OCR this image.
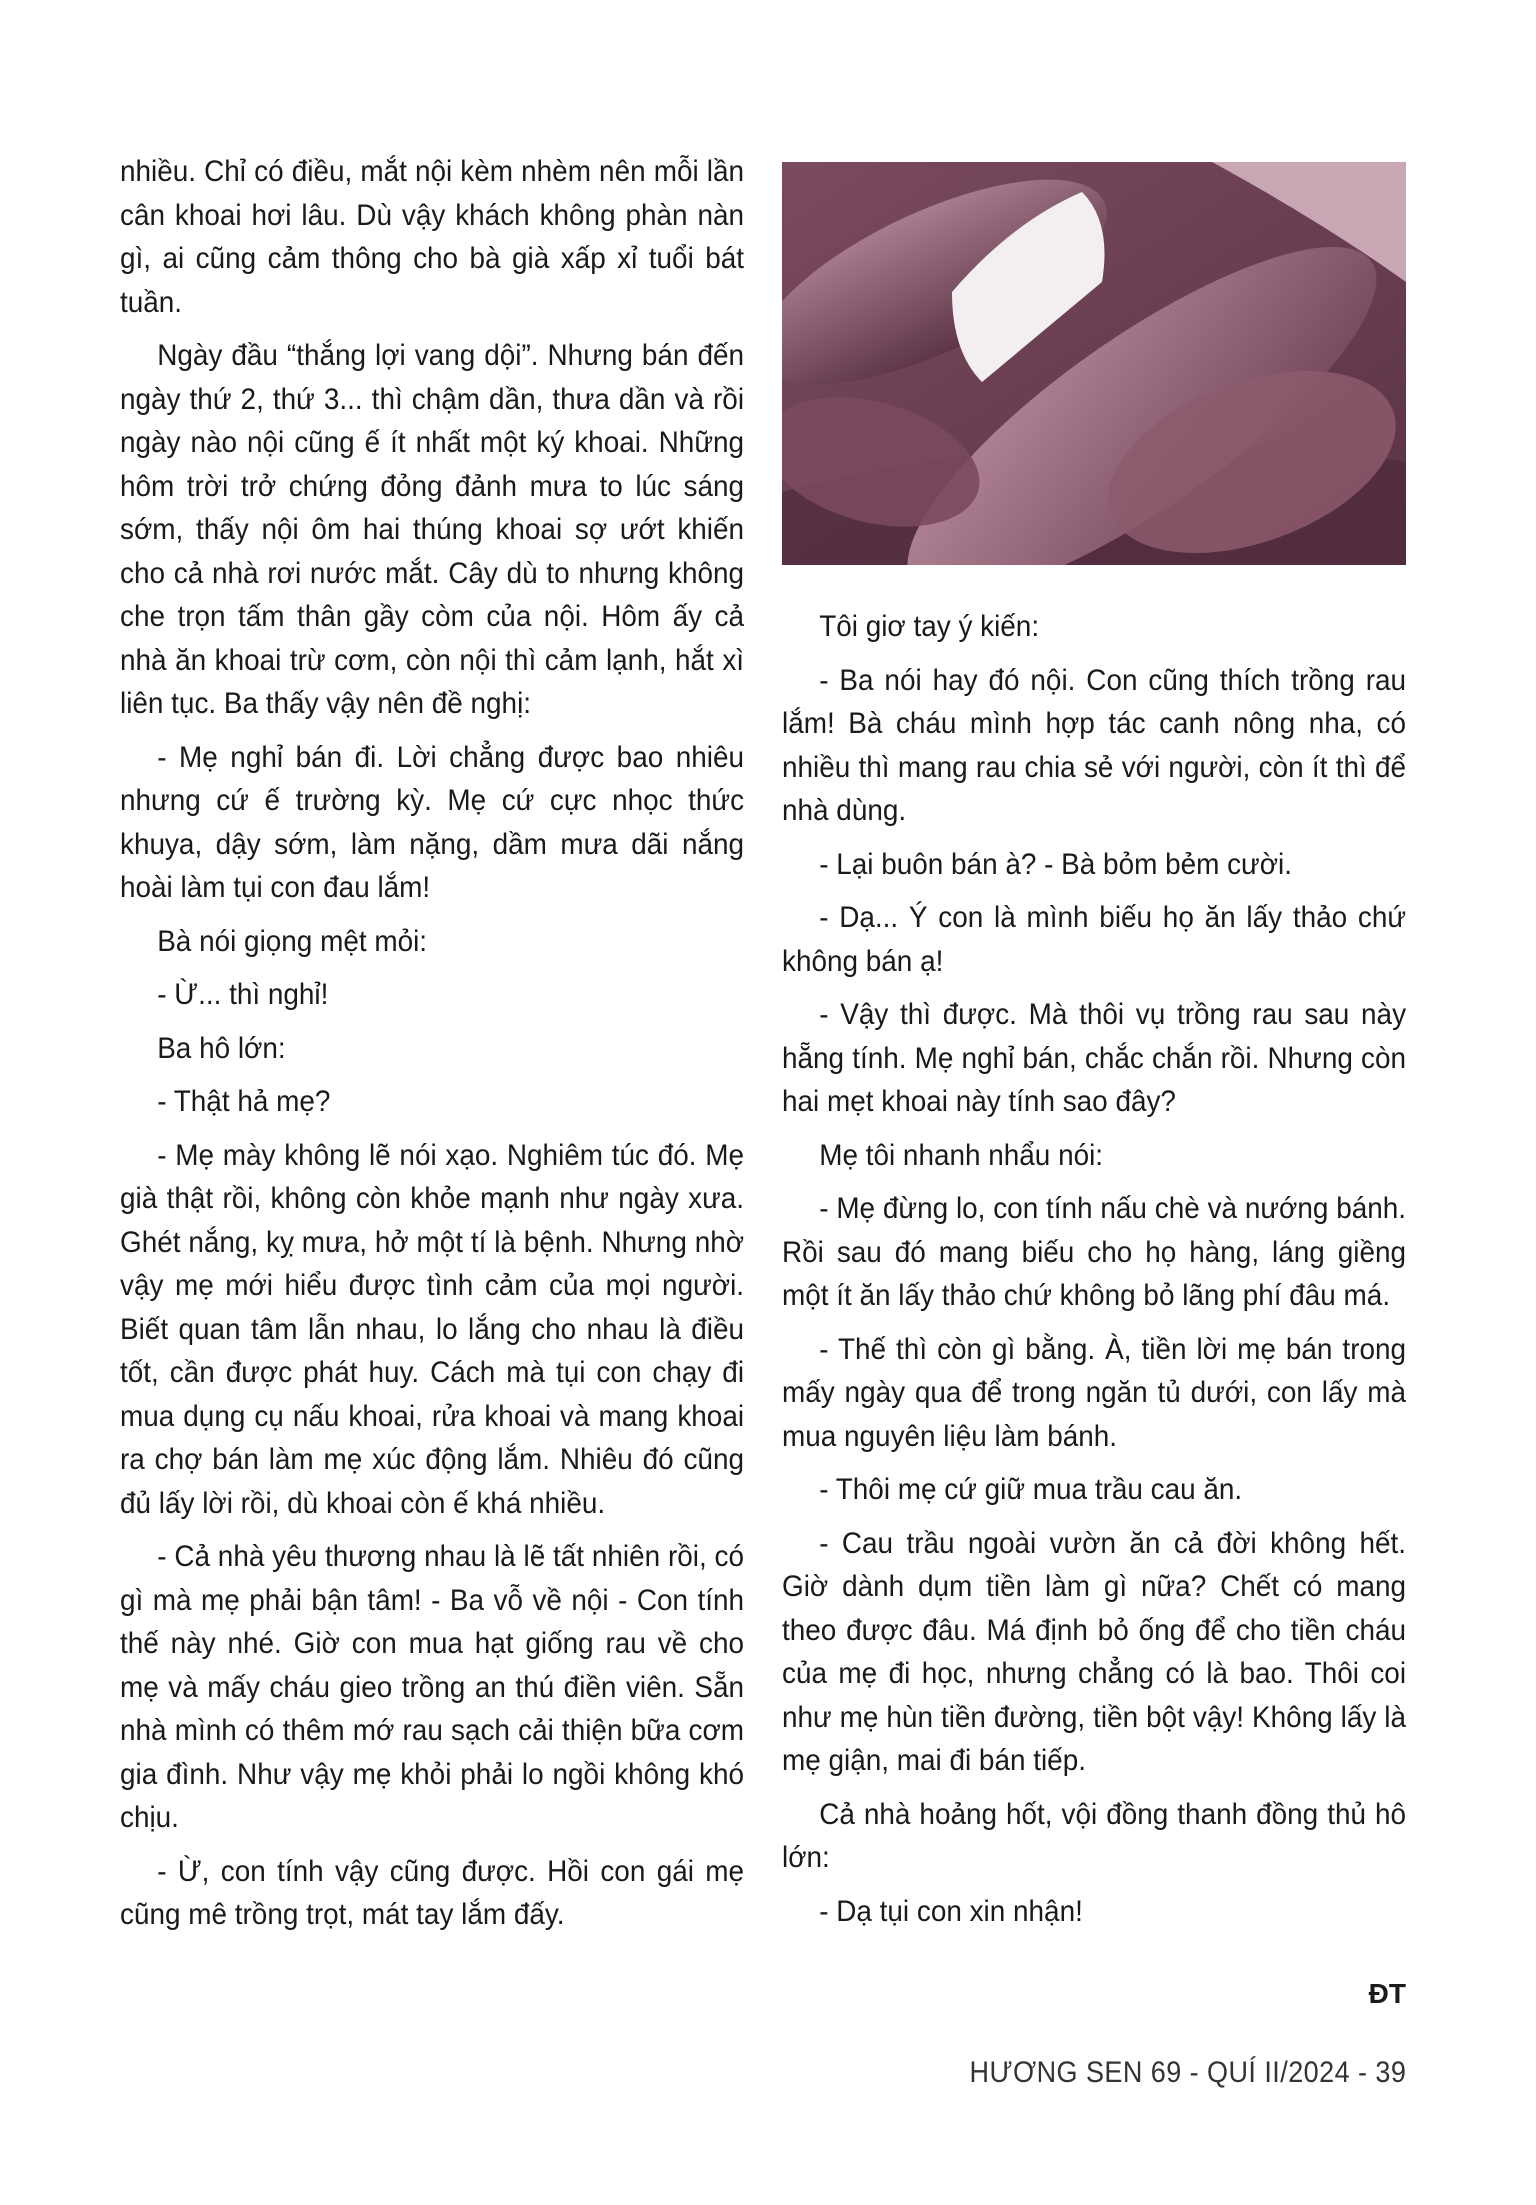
nhiều. Chỉ có điều, mắt nội kèm nhèm nên mỗi lần cân khoai hơi lâu. Dù vậy khách không phàn nàn gì, ai cũng cảm thông cho bà già xấp xỉ tuổi bát tuần.

Ngày đầu “thắng lợi vang dội”. Nhưng bán đến ngày thứ 2, thứ 3... thì chậm dần, thưa dần và rồi ngày nào nội cũng ế ít nhất một ký khoai. Những hôm trời trở chứng đỏng đảnh mưa to lúc sáng sớm, thấy nội ôm hai thúng khoai sợ ướt khiến cho cả nhà rơi nước mắt. Cây dù to nhưng không che trọn tấm thân gầy còm của nội. Hôm ấy cả nhà ăn khoai trừ cơm, còn nội thì cảm lạnh, hắt xì liên tục. Ba thấy vậy nên đề nghị:

- Mẹ nghỉ bán đi. Lời chẳng được bao nhiêu nhưng cứ ế trường kỳ. Mẹ cứ cực nhọc thức khuya, dậy sớm, làm nặng, dầm mưa dãi nắng hoài làm tụi con đau lắm!

Bà nói giọng mệt mỏi:

- Ừ... thì nghỉ!

Ba hô lớn:

- Thật hả mẹ?

- Mẹ mày không lẽ nói xạo. Nghiêm túc đó. Mẹ già thật rồi, không còn khỏe mạnh như ngày xưa. Ghét nắng, kỵ mưa, hở một tí là bệnh. Nhưng nhờ vậy mẹ mới hiểu được tình cảm của mọi người. Biết quan tâm lẫn nhau, lo lắng cho nhau là điều tốt, cần được phát huy. Cách mà tụi con chạy đi mua dụng cụ nấu khoai, rửa khoai và mang khoai ra chợ bán làm mẹ xúc động lắm. Nhiêu đó cũng đủ lấy lời rồi, dù khoai còn ế khá nhiều.

- Cả nhà yêu thương nhau là lẽ tất nhiên rồi, có gì mà mẹ phải bận tâm! - Ba vỗ về nội - Con tính thế này nhé. Giờ con mua hạt giống rau về cho mẹ và mấy cháu gieo trồng an thú điền viên. Sẵn nhà mình có thêm mớ rau sạch cải thiện bữa cơm gia đình. Như vậy mẹ khỏi phải lo ngồi không khó chịu.

- Ừ, con tính vậy cũng được. Hồi con gái mẹ cũng mê trồng trọt, mát tay lắm đấy.

Tôi giơ tay ý kiến:

- Ba nói hay đó nội. Con cũng thích trồng rau lắm! Bà cháu mình hợp tác canh nông nha, có nhiều thì mang rau chia sẻ với người, còn ít thì để nhà dùng.

- Lại buôn bán à? - Bà bỏm bẻm cười.

- Dạ... Ý con là mình biếu họ ăn lấy thảo chứ không bán ạ!

- Vậy thì được. Mà thôi vụ trồng rau sau này hẵng tính. Mẹ nghỉ bán, chắc chắn rồi. Nhưng còn hai mẹt khoai này tính sao đây?

Mẹ tôi nhanh nhẩu nói:

- Mẹ đừng lo, con tính nấu chè và nướng bánh. Rồi sau đó mang biếu cho họ hàng, láng giềng một ít ăn lấy thảo chứ không bỏ lãng phí đâu má.

- Thế thì còn gì bằng. À, tiền lời mẹ bán trong mấy ngày qua để trong ngăn tủ dưới, con lấy mà mua nguyên liệu làm bánh.

- Thôi mẹ cứ giữ mua trầu cau ăn.

- Cau trầu ngoài vườn ăn cả đời không hết. Giờ dành dụm tiền làm gì nữa? Chết có mang theo được đâu. Má định bỏ ống để cho tiền cháu của mẹ đi học, nhưng chẳng có là bao. Thôi coi như mẹ hùn tiền đường, tiền bột vậy! Không lấy là mẹ giận, mai đi bán tiếp.

Cả nhà hoảng hốt, vội đồng thanh đồng thủ hô lớn:

- Dạ tụi con xin nhận!

ĐT
HƯƠNG SEN 69 - QUÍ II/2024 - 39
